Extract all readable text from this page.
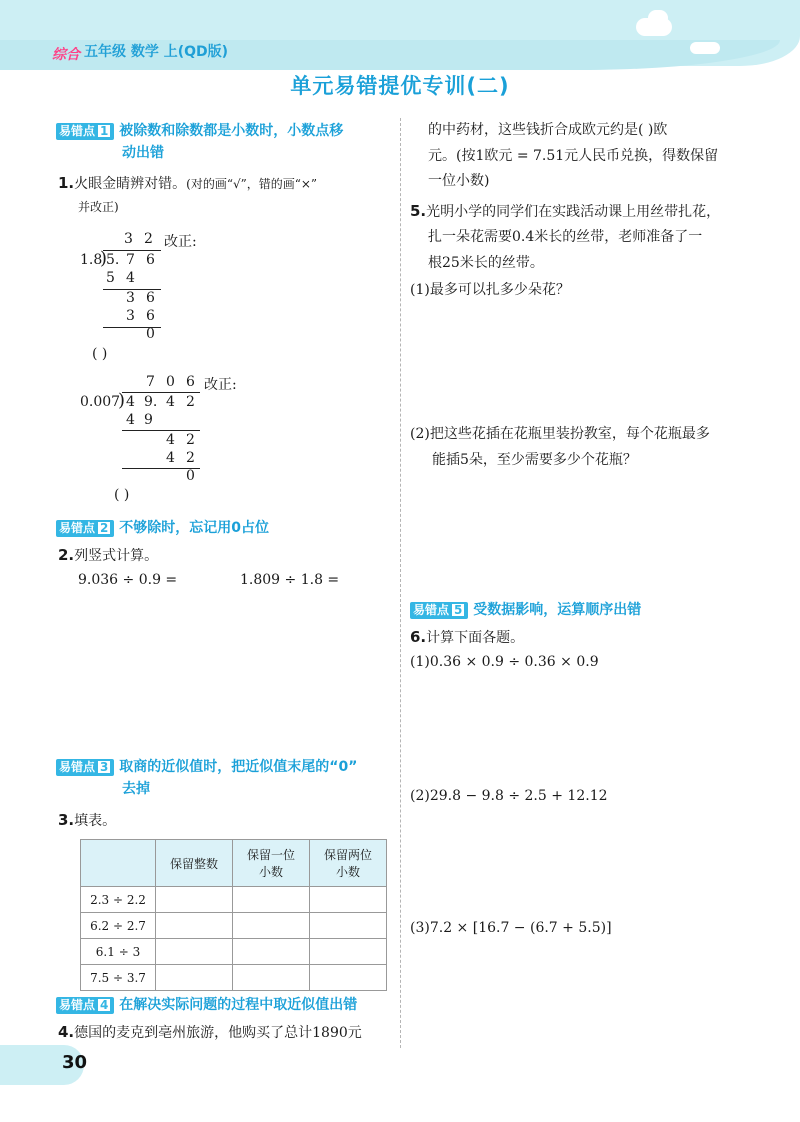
综合 五年级 数学 上(QD版)
单元易错提优专训(二)
易错点 1 被除数和除数都是小数时，小数点移
动出错
1.火眼金睛辨对错。(对的画“√”，错的画“×”
并改正)
3 2 改正:
1.8
)
5. 7 6
5 4
3 6
3 6
0
( )
7 0 6 改正:
0.007
) 4 9. 4 2
4 9
4 2
4 2
0
( )
易错点 2 不够除时，忘记用0占位
2.列竖式计算。
9.036 ÷ 0.9 =	1.809 ÷ 1.8 =
易错点 3 取商的近似值时，把近似值末尾的“0”
去掉
3.填表。
	保留整数	保留一位
小数	保留两位
小数
2.3 ÷ 2.2			
6.2 ÷ 2.7			
6.1 ÷ 3			
7.5 ÷ 3.7			
易错点 4 在解决实际问题的过程中取近似值出错
4.德国的麦克到亳州旅游，他购买了总计1890元
的中药材，这些钱折合成欧元约是( )欧
元。(按1欧元 = 7.51元人民币兑换，得数保留
一位小数)
5.光明小学的同学们在实践活动课上用丝带扎花，
扎一朵花需要0.4米长的丝带，老师准备了一
根25米长的丝带。
(1)最多可以扎多少朵花？
(2)把这些花插在花瓶里装扮教室，每个花瓶最多
能插5朵，至少需要多少个花瓶？
易错点 5 受数据影响，运算顺序出错
6.计算下面各题。
(1)0.36 × 0.9 ÷ 0.36 × 0.9
(2)29.8 − 9.8 ÷ 2.5 + 12.12
(3)7.2 × [16.7 − (6.7 + 5.5)]
30
